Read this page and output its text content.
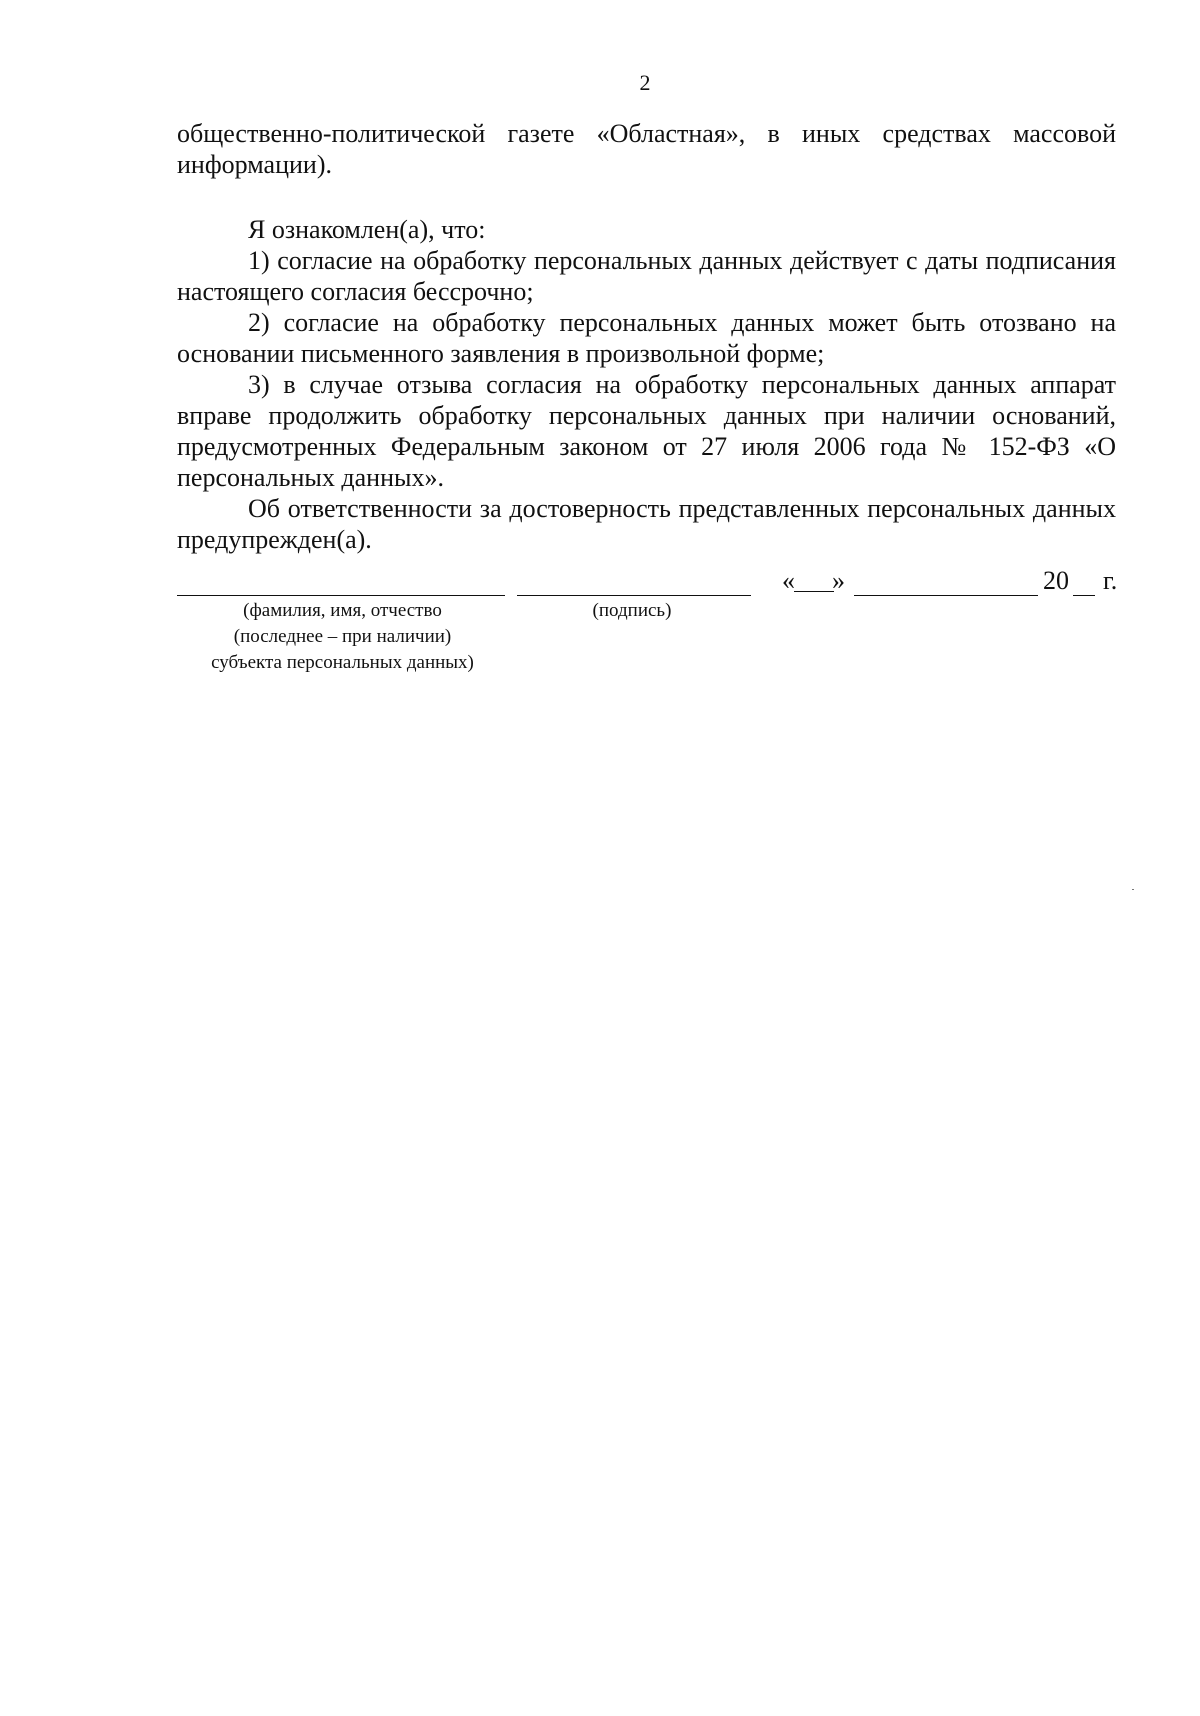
2

общественно-политической газете «Областная», в иных средствах массовой информации).

Я ознакомлен(а), что:

1) согласие на обработку персональных данных действует с даты подписания настоящего согласия бессрочно;

2) согласие на обработку персональных данных может быть отозвано на основании письменного заявления в произвольной форме;

3) в случае отзыва согласия на обработку персональных данных аппарат вправе продолжить обработку персональных данных при наличии оснований, предусмотренных Федеральным законом от 27 июля 2006 года № 152-ФЗ «О персональных данных».

Об ответственности за достоверность представленных персональных данных предупрежден(а).

« »	20 г.
(фамилия, имя, отчество
(последнее – при наличии)
субъекта персональных данных)
(подпись)
